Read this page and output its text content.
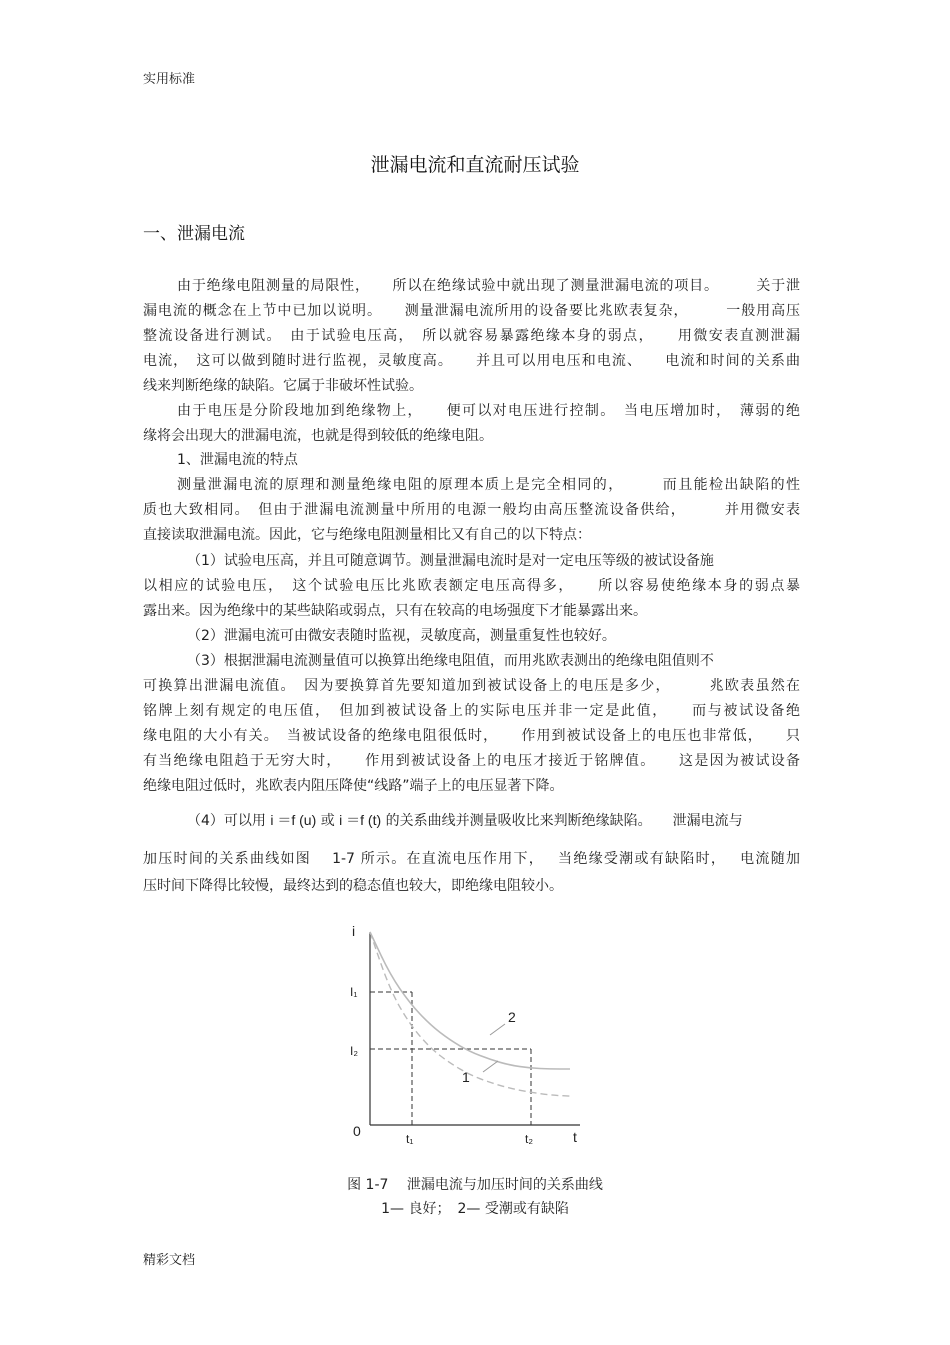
实用标准
泄漏电流和直流耐压试验
一、泄漏电流
由于绝缘电阻测量的局限性，　　所以在绝缘试验中就出现了测量泄漏电流的项目。　　　关于泄
漏电流的概念在上节中已加以说明。　　测量泄漏电流所用的设备要比兆欧表复杂，　　　一般用高压
整流设备进行测试。　由于试验电压高，　所以就容易暴露绝缘本身的弱点，　　用微安表直测泄漏
电流，　这可以做到随时进行监视，灵敏度高。　　并且可以用电压和电流、　　电流和时间的关系曲
线来判断绝缘的缺陷。它属于非破坏性试验。
由于电压是分阶段地加到绝缘物上，　　便可以对电压进行控制。　当电压增加时，　薄弱的绝
缘将会出现大的泄漏电流，也就是得到较低的绝缘电阻。
1、泄漏电流的特点
测量泄漏电流的原理和测量绝缘电阻的原理本质上是完全相同的，　　　而且能检出缺陷的性
质也大致相同。　但由于泄漏电流测量中所用的电源一般均由高压整流设备供给，　　　并用微安表
直接读取泄漏电流。因此，它与绝缘电阻测量相比又有自己的以下特点：
（1）试验电压高，并且可随意调节。测量泄漏电流时是对一定电压等级的被试设备施
以相应的试验电压，　这个试验电压比兆欧表额定电压高得多，　　所以容易使绝缘本身的弱点暴
露出来。因为绝缘中的某些缺陷或弱点，只有在较高的电场强度下才能暴露出来。
（2）泄漏电流可由微安表随时监视，灵敏度高，测量重复性也较好。
（3）根据泄漏电流测量值可以换算出绝缘电阻值，而用兆欧表测出的绝缘电阻值则不
可换算出泄漏电流值。　因为要换算首先要知道加到被试设备上的电压是多少，　　　兆欧表虽然在
铭牌上刻有规定的电压值，　但加到被试设备上的实际电压并非一定是此值，　　而与被试设备绝
缘电阻的大小有关。　当被试设备的绝缘电阻很低时，　　作用到被试设备上的电压也非常低，　　只
有当绝缘电阻趋于无穷大时，　　作用到被试设备上的电压才接近于铭牌值。　　这是因为被试设备
绝缘电阻过低时，兆欧表内阻压降使“线路”端子上的电压显著下降。
（4）可以用 i ＝f (u) 或 i ＝f (t) 的关系曲线并测量吸收比来判断绝缘缺陷。　　泄漏电流与
加压时间的关系曲线如图　 1-7 所示。在直流电压作用下，　 当绝缘受潮或有缺陷时，　 电流随加
压时间下降得比较慢，最终达到的稳态值也较大，即绝缘电阻较小。
i
t
0
I₁
I₂
t₁	t₂
2
1
图 1-7　 泄漏电流与加压时间的关系曲线
1— 良好；　2— 受潮或有缺陷
精彩文档
